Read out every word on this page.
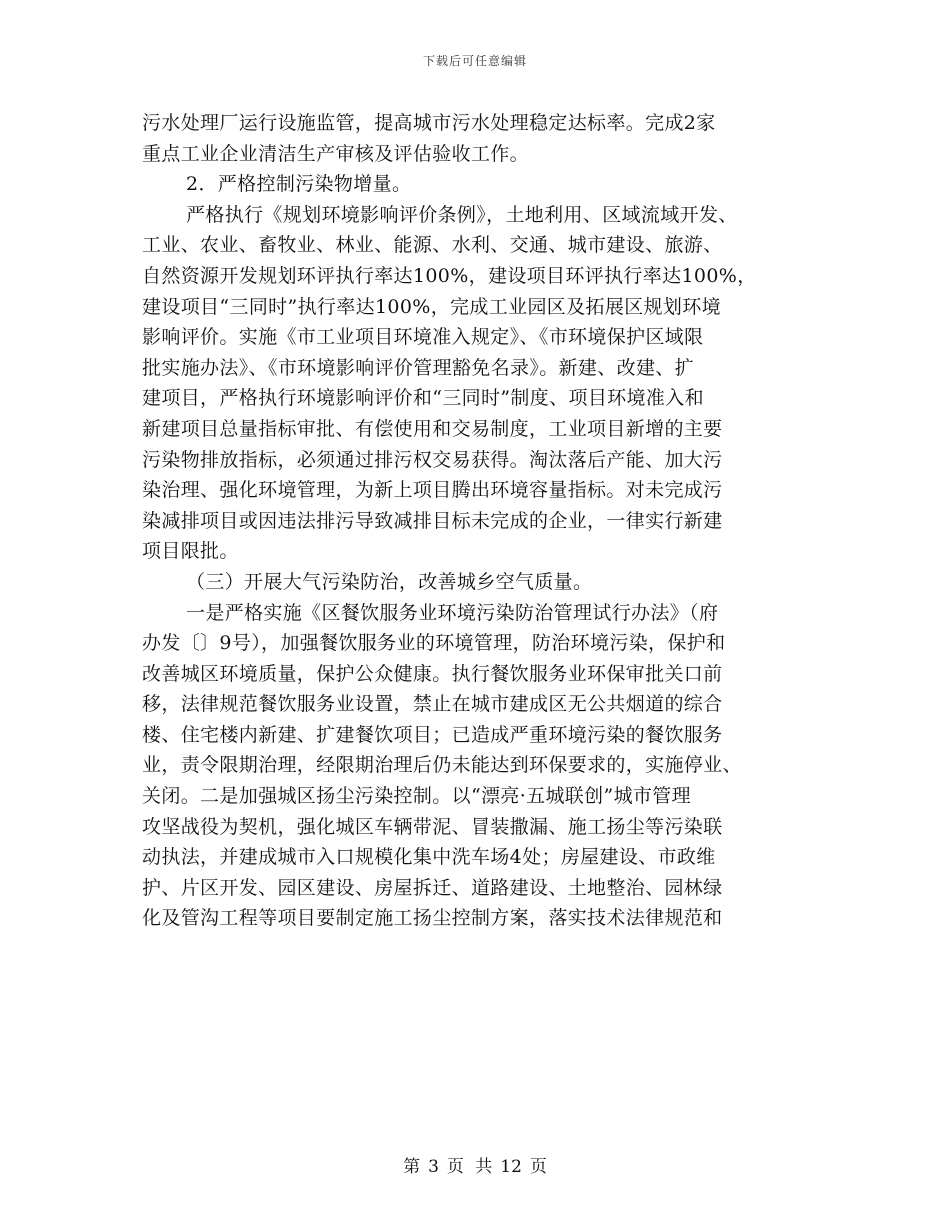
下载后可任意编辑
污水处理厂运行设施监管，提高城市污水处理稳定达标率。完成2家
重点工业企业清洁生产审核及评估验收工作。
2．严格控制污染物增量。
严格执行《规划环境影响评价条例》，土地利用、区域流域开发、
工业、农业、畜牧业、林业、能源、水利、交通、城市建设、旅游、
自然资源开发规划环评执行率达100%，建设项目环评执行率达100%，
建设项目“三同时”执行率达100%，完成工业园区及拓展区规划环境
影响评价。实施《市工业项目环境准入规定》、《市环境保护区域限
批实施办法》、《市环境影响评价管理豁免名录》。新建、改建、扩
建项目，严格执行环境影响评价和“三同时”制度、项目环境准入和
新建项目总量指标审批、有偿使用和交易制度，工业项目新增的主要
污染物排放指标，必须通过排污权交易获得。淘汰落后产能、加大污
染治理、强化环境管理，为新上项目腾出环境容量指标。对未完成污
染减排项目或因违法排污导致减排目标未完成的企业，一律实行新建
项目限批。
（三）开展大气污染防治，改善城乡空气质量。
一是严格实施《区餐饮服务业环境污染防治管理试行办法》（府
办发〔〕9号），加强餐饮服务业的环境管理，防治环境污染，保护和
改善城区环境质量，保护公众健康。执行餐饮服务业环保审批关口前
移，法律规范餐饮服务业设置，禁止在城市建成区无公共烟道的综合
楼、住宅楼内新建、扩建餐饮项目；已造成严重环境污染的餐饮服务
业，责令限期治理，经限期治理后仍未能达到环保要求的，实施停业、
关闭。二是加强城区扬尘污染控制。以“漂亮·五城联创”城市管理
攻坚战役为契机，强化城区车辆带泥、冒装撒漏、施工扬尘等污染联
动执法，并建成城市入口规模化集中洗车场4处；房屋建设、市政维
护、片区开发、园区建设、房屋拆迁、道路建设、土地整治、园林绿
化及管沟工程等项目要制定施工扬尘控制方案，落实技术法律规范和
第 3 页 共 12 页
